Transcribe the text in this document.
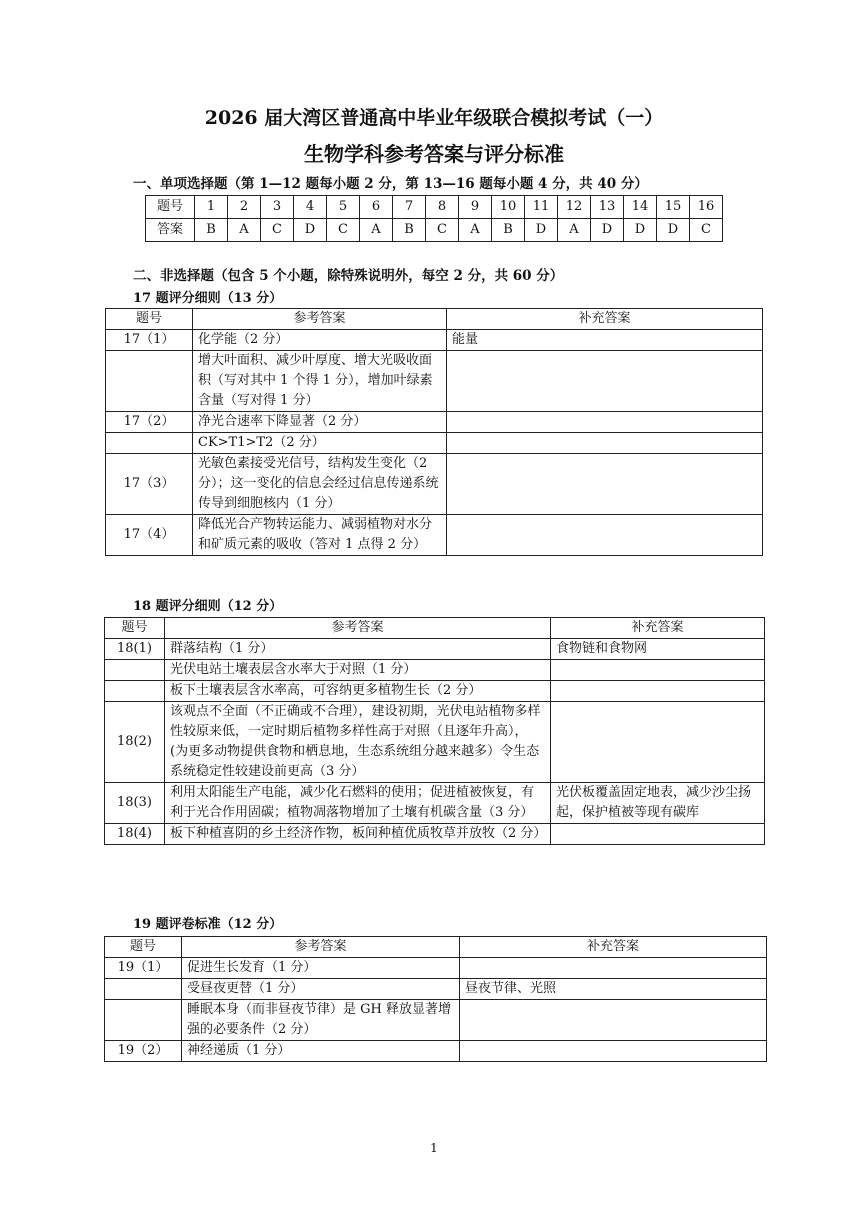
2026 届大湾区普通高中毕业年级联合模拟考试（一）
生物学科参考答案与评分标准
一、单项选择题（第 1—12 题每小题 2 分，第 13—16 题每小题 4 分，共 40 分）
题号	1	2	3	4	5	6	7	8	9	10	11	12	13	14	15	16
答案	B	A	C	D	C	A	B	C	A	B	D	A	D	D	D	C
二、非选择题（包含 5 个小题，除特殊说明外，每空 2 分，共 60 分）
17 题评分细则（13 分）
题号	参考答案	补充答案
17（1）	化学能（2 分）	能量
	增大叶面积、减少叶厚度、增大光吸收面积（写对其中 1 个得 1 分），增加叶绿素含量（写对得 1 分）	
17（2）	净光合速率下降显著（2 分）	
	CK>T1>T2（2 分）	
17（3）	光敏色素接受光信号，结构发生变化（2 分）；这一变化的信息会经过信息传递系统传导到细胞核内（1 分）	
17（4）	降低光合产物转运能力、减弱植物对水分和矿质元素的吸收（答对 1 点得 2 分）	
18 题评分细则（12 分）
题号	参考答案	补充答案
18(1)	群落结构（1 分）	食物链和食物网
	光伏电站土壤表层含水率大于对照（1 分）	
	板下土壤表层含水率高，可容纳更多植物生长（2 分）	
18(2)	该观点不全面（不正确或不合理），建设初期，光伏电站植物多样性较原来低，一定时期后植物多样性高于对照（且逐年升高），(为更多动物提供食物和栖息地，生态系统组分越来越多）令生态系统稳定性较建设前更高（3 分）	
18(3)	利用太阳能生产电能，减少化石燃料的使用；促进植被恢复，有利于光合作用固碳；植物凋落物增加了土壤有机碳含量（3 分）	光伏板覆盖固定地表，减少沙尘扬起，保护植被等现有碳库
18(4)	板下种植喜阴的乡土经济作物，板间种植优质牧草并放牧（2 分）	
19 题评卷标准（12 分）
题号	参考答案	补充答案
19（1）	促进生长发育（1 分）	
	受昼夜更替（1 分）	昼夜节律、光照
	睡眠本身（而非昼夜节律）是 GH 释放显著增强的必要条件（2 分）	
19（2）	神经递质（1 分）	
1
